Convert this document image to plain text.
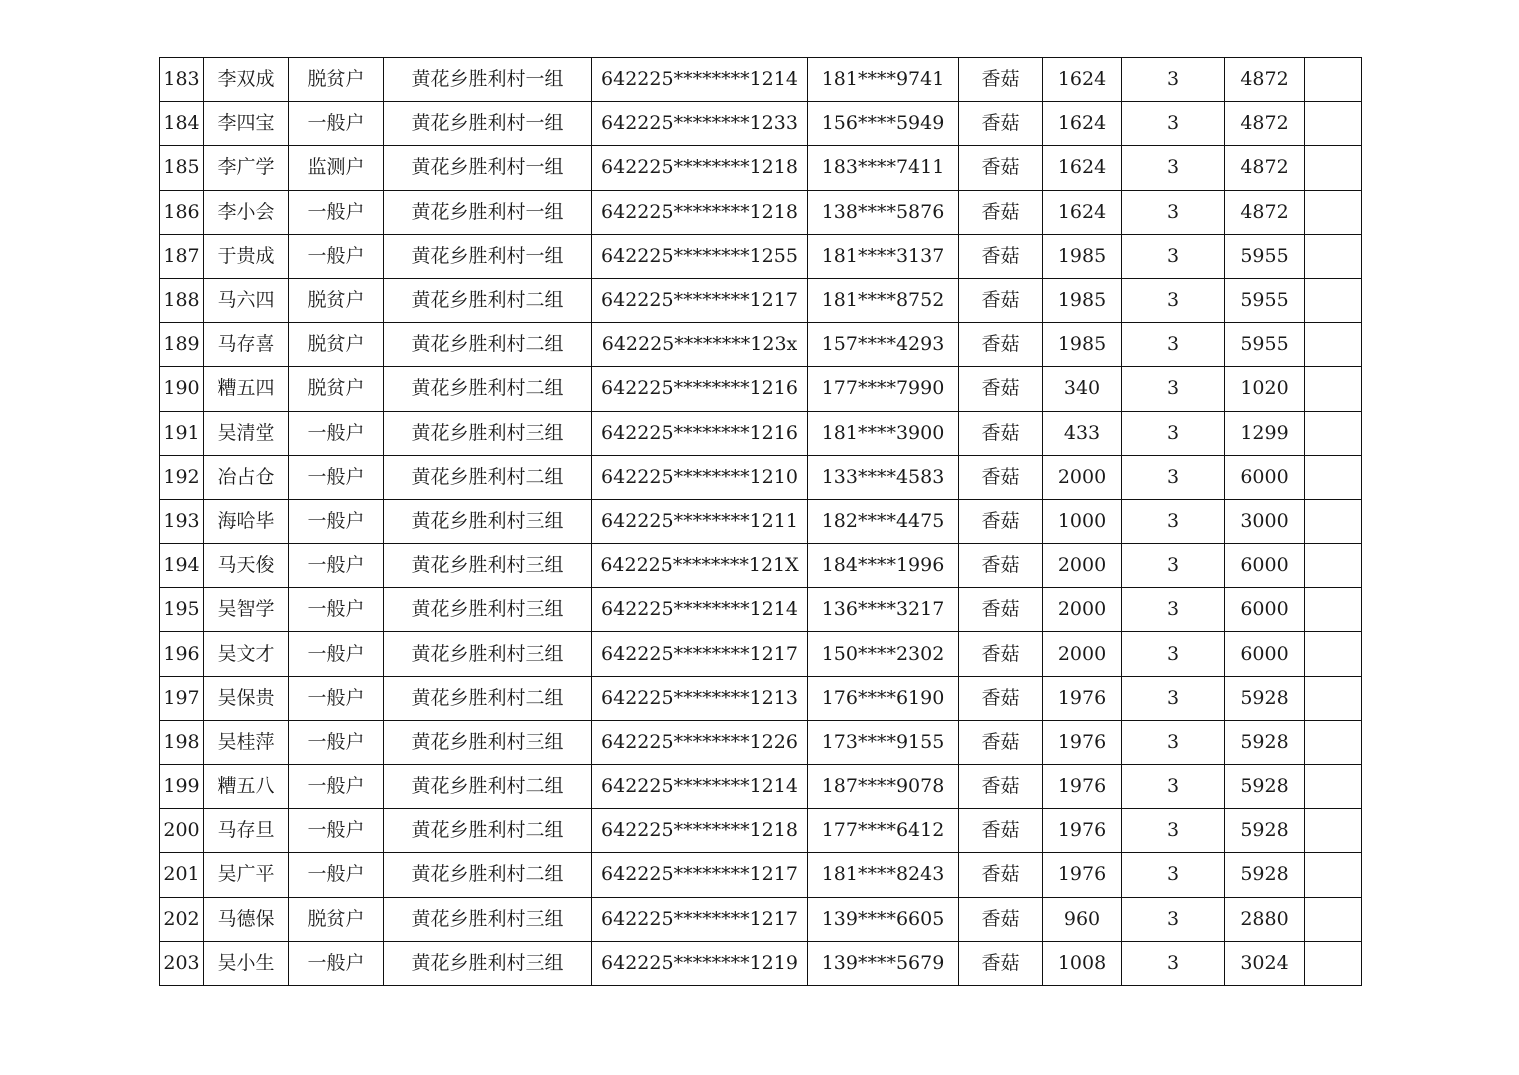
183	李双成	脱贫户	黄花乡胜利村一组	642225********1214	181****9741	香菇	1624	3	4872	
184	李四宝	一般户	黄花乡胜利村一组	642225********1233	156****5949	香菇	1624	3	4872	
185	李广学	监测户	黄花乡胜利村一组	642225********1218	183****7411	香菇	1624	3	4872	
186	李小会	一般户	黄花乡胜利村一组	642225********1218	138****5876	香菇	1624	3	4872	
187	于贵成	一般户	黄花乡胜利村一组	642225********1255	181****3137	香菇	1985	3	5955	
188	马六四	脱贫户	黄花乡胜利村二组	642225********1217	181****8752	香菇	1985	3	5955	
189	马存喜	脱贫户	黄花乡胜利村二组	642225********123x	157****4293	香菇	1985	3	5955	
190	糟五四	脱贫户	黄花乡胜利村二组	642225********1216	177****7990	香菇	340	3	1020	
191	吴清堂	一般户	黄花乡胜利村三组	642225********1216	181****3900	香菇	433	3	1299	
192	冶占仓	一般户	黄花乡胜利村二组	642225********1210	133****4583	香菇	2000	3	6000	
193	海哈毕	一般户	黄花乡胜利村三组	642225********1211	182****4475	香菇	1000	3	3000	
194	马天俊	一般户	黄花乡胜利村三组	642225********121X	184****1996	香菇	2000	3	6000	
195	吴智学	一般户	黄花乡胜利村三组	642225********1214	136****3217	香菇	2000	3	6000	
196	吴文才	一般户	黄花乡胜利村三组	642225********1217	150****2302	香菇	2000	3	6000	
197	吴保贵	一般户	黄花乡胜利村二组	642225********1213	176****6190	香菇	1976	3	5928	
198	吴桂萍	一般户	黄花乡胜利村三组	642225********1226	173****9155	香菇	1976	3	5928	
199	糟五八	一般户	黄花乡胜利村二组	642225********1214	187****9078	香菇	1976	3	5928	
200	马存旦	一般户	黄花乡胜利村二组	642225********1218	177****6412	香菇	1976	3	5928	
201	吴广平	一般户	黄花乡胜利村二组	642225********1217	181****8243	香菇	1976	3	5928	
202	马德保	脱贫户	黄花乡胜利村三组	642225********1217	139****6605	香菇	960	3	2880	
203	吴小生	一般户	黄花乡胜利村三组	642225********1219	139****5679	香菇	1008	3	3024	
